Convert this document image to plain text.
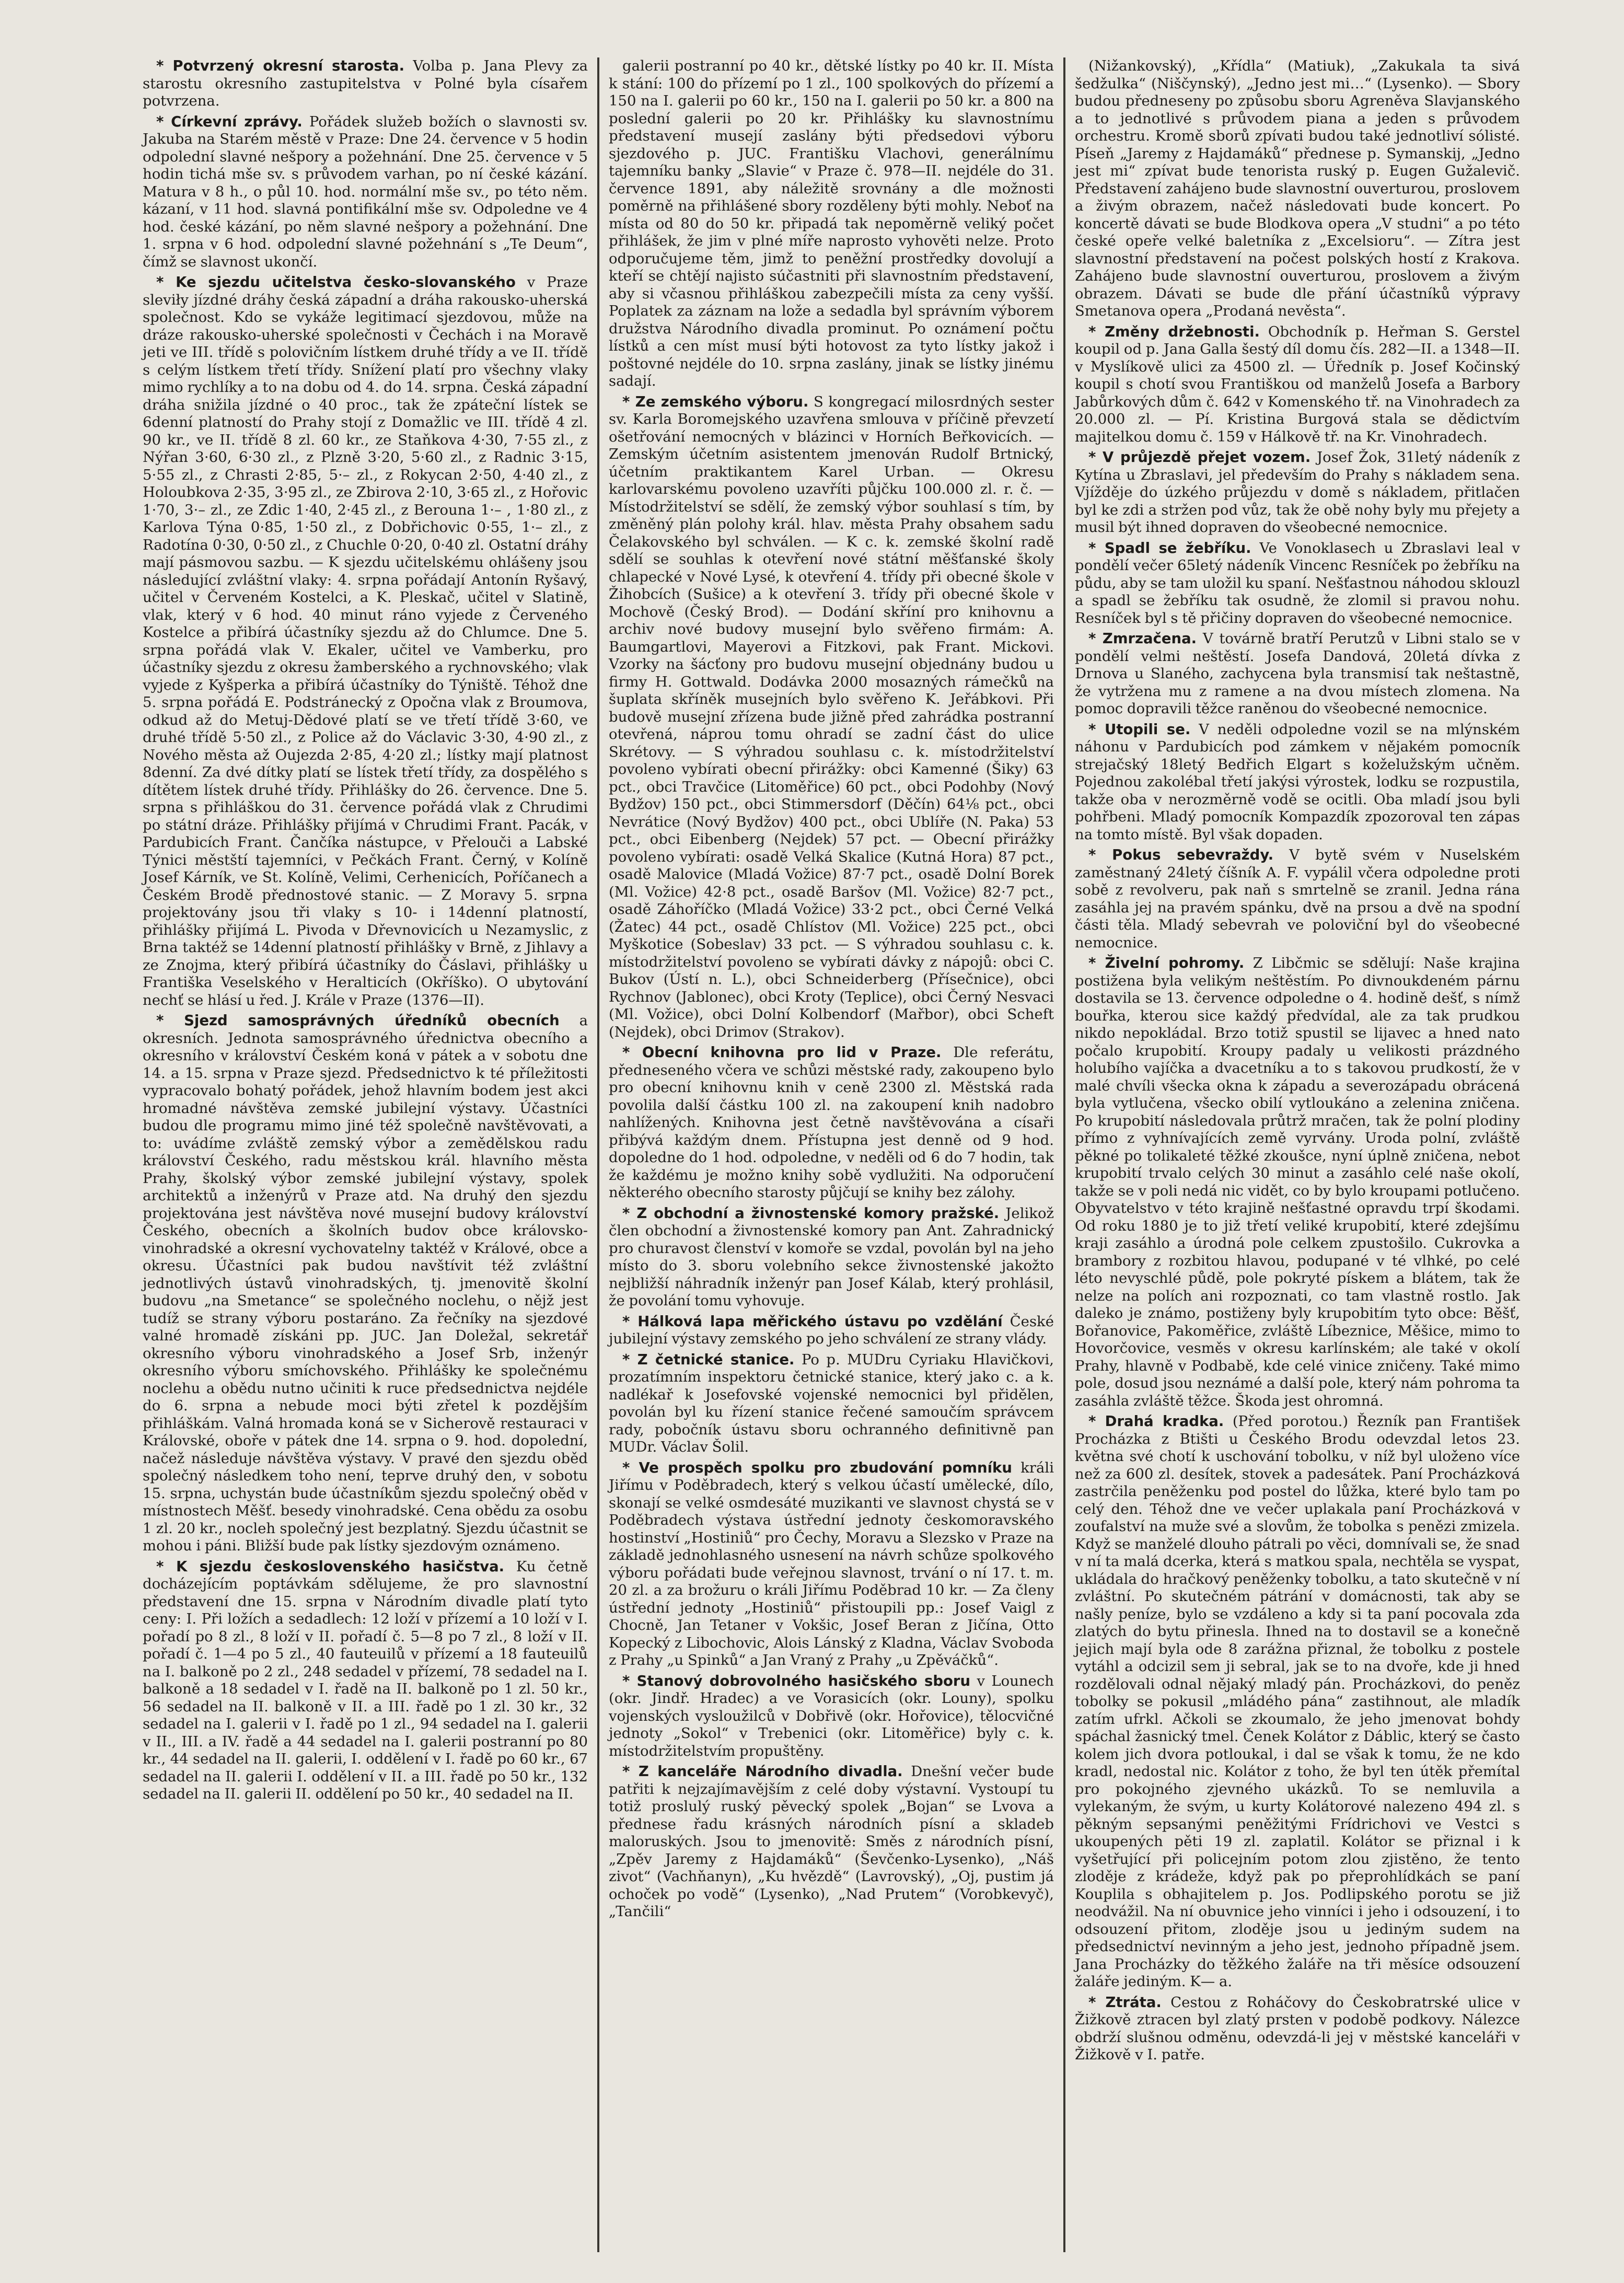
* Potvrzený okresní starosta. Volba p. Jana Plevy za starostu okresního zastupitelstva v Polné byla císařem potvrzena.

* Církevní zprávy. Pořádek služeb božích o slavnosti sv. Jakuba na Starém městě v Praze: Dne 24. července v 5 hodin odpolední slavné nešpory a požehnání. Dne 25. července v 5 hodin tichá mše sv. s průvodem varhan, po ní české kázání. Matura v 8 h., o půl 10. hod. normální mše sv., po této něm. kázaní, v 11 hod. slavná pontifikální mše sv. Odpoledne ve 4 hod. české kázání, po něm slavné nešpory a požehnání. Dne 1. srpna v 6 hod. odpolední slavné požehnání s „Te Deum“, čímž se slavnost ukončí.

* Ke sjezdu učitelstva česko-slovanského v Praze sleviły jízdné dráhy česká západní a dráha rakousko-uherská společnost. Kdo se vykáže legitimací sjezdovou, může na dráze rakousko-uherské společnosti v Čechách i na Moravě jeti ve III. třídě s polovičním lístkem druhé třídy a ve II. třídě s celým lístkem třetí třídy. Snížení platí pro všechny vlaky mimo rychlíky a to na dobu od 4. do 14. srpna. Česká západní dráha snižila jízdné o 40 proc., tak že zpáteční lístek se 6denní platností do Prahy stojí z Domažlic ve III. třídě 4 zl. 90 kr., ve II. třídě 8 zl. 60 kr., ze Staňkova 4·30, 7·55 zl., z Nýřan 3·60, 6·30 zl., z Plzně 3·20, 5·60 zl., z Radnic 3·15, 5·55 zl., z Chrasti 2·85, 5·– zl., z Rokycan 2·50, 4·40 zl., z Holoubkova 2·35, 3·95 zl., ze Zbirova 2·10, 3·65 zl., z Hořovic 1·70, 3·– zl., ze Zdic 1·40, 2·45 zl., z Berouna 1·– , 1·80 zl., z Karlova Týna 0·85, 1·50 zl., z Dobřichovic 0·55, 1·– zl., z Radotína 0·30, 0·50 zl., z Chuchle 0·20, 0·40 zl. Ostatní dráhy mají pásmovou sazbu. — K sjezdu učitelskému ohlášeny jsou následující zvláštní vlaky: 4. srpna pořádají Antonín Ryšavý, učitel v Červeném Kostelci, a K. Pleskač, učitel v Slatině, vlak, který v 6 hod. 40 minut ráno vyjede z Červeného Kostelce a přibírá účastníky sjezdu až do Chlumce. Dne 5. srpna pořádá vlak V. Ekaler, učitel ve Vamberku, pro účastníky sjezdu z okresu žamberského a rychnovského; vlak vyjede z Kyšperka a přibírá účastníky do Týniště. Téhož dne 5. srpna pořádá E. Podstránecký z Opočna vlak z Broumova, odkud až do Metuj-Dědové platí se ve třetí třídě 3·60, ve druhé třídě 5·50 zl., z Police až do Václavic 3·30, 4·90 zl., z Nového města až Oujezda 2·85, 4·20 zl.; lístky mají platnost 8denní. Za dvé dítky platí se lístek třetí třídy, za dospělého s dítětem lístek druhé třídy. Přihlášky do 26. července. Dne 5. srpna s přihláškou do 31. července pořádá vlak z Chrudimi po státní dráze. Přihlášky přijímá v Chrudimi Frant. Pacák, v Pardubicích Frant. Čančíka nástupce, v Přelouči a Labské Týnici městští tajemníci, v Pečkách Frant. Černý, v Kolíně Josef Kárník, ve St. Kolíně, Velimi, Cerhenicích, Poříčanech a Českém Brodě přednostové stanic. — Z Moravy 5. srpna projektovány jsou tři vlaky s 10- i 14denní platností, přihlášky přijímá L. Pivoda v Dřevnovicích u Nezamyslic, z Brna taktéž se 14denní platností přihlášky v Brně, z Jihlavy a ze Znojma, který přibírá účastníky do Čáslavi, přihlášky u Františka Veselského v Heralticích (Okříško). O ubytování nechť se hlásí u řed. J. Krále v Praze (1376—II).

* Sjezd samosprávných úředníků obecních a okresních. Jednota samosprávného úřednictva obecního a okresního v království Českém koná v pátek a v sobotu dne 14. a 15. srpna v Praze sjezd. Předsednictvo k té příležitosti vypracovalo bohatý pořádek, jehož hlavním bodem jest akci hromadné návštěva zemské jubilejní výstavy. Účastníci budou dle programu mimo jiné též společně navštěvovati, a to: uvádíme zvláště zemský výbor a zemědělskou radu království Českého, radu městskou král. hlavního města Prahy, školský výbor zemské jubilejní výstavy, spolek architektů a inženýrů v Praze atd. Na druhý den sjezdu projektována jest návštěva nové musejní budovy království Českého, obecních a školních budov obce královsko-vinohradské a okresní vychovatelny taktéž v Králové, obce a okresu. Účastníci pak budou navštívit též zvláštní jednotlivých ústavů vinohradských, tj. jmenovitě školní budovu „na Smetance“ se společného noclehu, o nějž jest tudíž se strany výboru postaráno. Za řečníky na sjezdové valné hromadě získáni pp. JUC. Jan Doležal, sekretář okresního výboru vinohradského a Josef Srb, inženýr okresního výboru smíchovského. Přihlášky ke společnému noclehu a obědu nutno učiniti k ruce předsednictva nejdéle do 6. srpna a nebude moci býti zřetel k pozdějším přihláškám. Valná hromada koná se v Sicherově restauraci v Královské, oboře v pátek dne 14. srpna o 9. hod. dopolední, načež následuje návštěva výstavy. V pravé den sjezdu oběd společný následkem toho není, teprve druhý den, v sobotu 15. srpna, uchystán bude účastníkům sjezdu společný oběd v místnostech Měšť. besedy vinohradské. Cena obědu za osobu 1 zl. 20 kr., nocleh společný jest bezplatný. Sjezdu účastnit se mohou i páni. Bližší bude pak lístky sjezdovým oznámeno.

* K sjezdu československého hasičstva. Ku četně docházejícím poptávkám sdělujeme, že pro slavnostní představení dne 15. srpna v Národním divadle platí tyto ceny: I. Při ložích a sedadlech: 12 loží v přízemí a 10 loží v I. pořadí po 8 zl., 8 loží v II. pořadí č. 5—8 po 7 zl., 8 loží v II. pořadí č. 1—4 po 5 zl., 40 fauteuilů v přízemí a 18 fauteuilů na I. balkoně po 2 zl., 248 sedadel v přízemí, 78 sedadel na I. balkoně a 18 sedadel v I. řadě na II. balkoně po 1 zl. 50 kr., 56 sedadel na II. balkoně v II. a III. řadě po 1 zl. 30 kr., 32 sedadel na I. galerii v I. řadě po 1 zl., 94 sedadel na I. galerii v II., III. a IV. řadě a 44 sedadel na I. galerii postranní po 80 kr., 44 sedadel na II. galerii, I. oddělení v I. řadě po 60 kr., 67 sedadel na II. galerii I. oddělení v II. a III. řadě po 50 kr., 132 sedadel na II. galerii II. oddělení po 50 kr., 40 sedadel na II.

galerii postranní po 40 kr., dětské lístky po 40 kr. II. Místa k stání: 100 do přízemí po 1 zl., 100 spolkových do přízemí a 150 na I. galerii po 60 kr., 150 na I. galerii po 50 kr. a 800 na poslední galerii po 20 kr. Přihlášky ku slavnostnímu představení musejí zaslány býti předsedovi výboru sjezdového p. JUC. Františku Vlachovi, generálnímu tajemníku banky „Slavie“ v Praze č. 978—II. nejdéle do 31. července 1891, aby náležitě srovnány a dle možnosti poměrně na přihlášené sbory rozděleny býti mohly. Neboť na místa od 80 do 50 kr. připadá tak nepoměrně veliký počet přihlášek, že jim v plné míře naprosto vyhověti nelze. Proto odporučujeme těm, jimž to peněžní prostředky dovolují a kteří se chtějí najisto súčastniti při slavnostním představení, aby si včasnou přihláškou zabezpečili místa za ceny vyšší. Poplatek za záznam na lože a sedadla byl správním výborem družstva Národního divadla prominut. Po oznámení počtu lístků a cen míst musí býti hotovost za tyto lístky jakož i poštovné nejdéle do 10. srpna zaslány, jinak se lístky jinému sadají.

* Ze zemského výboru. S kongregací milosrdných sester sv. Karla Boromejského uzavřena smlouva v příčině převzetí ošetřování nemocných v blázinci v Horních Beřkovicích. — Zemským účetním asistentem jmenován Rudolf Brtnický, účetním praktikantem Karel Urban. — Okresu karlovarskému povoleno uzavříti půjčku 100.000 zl. r. č. — Místodržitelství se sdělí, že zemský výbor souhlasí s tím, by změněný plán polohy král. hlav. města Prahy obsahem sadu Čelakovského byl schválen. — K c. k. zemské školní radě sdělí se souhlas k otevření nové státní měšťanské školy chlapecké v Nové Lysé, k otevření 4. třídy při obecné škole v Žihobcích (Sušice) a k otevření 3. třídy při obecné škole v Mochově (Český Brod). — Dodání skříní pro knihovnu a archiv nové budovy musejní bylo svěřeno firmám: A. Baumgartlovi, Mayerovi a Fitzkovi, pak Frant. Mickovi. Vzorky na šácťony pro budovu musejní objednány budou u firmy H. Gottwald. Dodávka 2000 mosazných rámečků na šuplata skříněk musejních bylo svěřeno K. Jeřábkovi. Při budově musejní zřízena bude jižně před zahrádka postranní otevřená, náprou tomu ohradí se zadní část do ulice Skrétovy. — S výhradou souhlasu c. k. místodržitelství povoleno vybírati obecní přirážky: obci Kamenné (Šiky) 63 pct., obci Travčice (Litoměřice) 60 pct., obci Podohby (Nový Bydžov) 150 pct., obci Stimmersdorf (Děčín) 64⅛ pct., obci Nevrátice (Nový Bydžov) 400 pct., obci Ublíře (N. Paka) 53 pct., obci Eibenberg (Nejdek) 57 pct. — Obecní přirážky povoleno vybírati: osadě Velká Skalice (Kutná Hora) 87 pct., osadě Malovice (Mladá Vožice) 87·7 pct., osadě Dolní Borek (Ml. Vožice) 42·8 pct., osadě Baršov (Ml. Vožice) 82·7 pct., osadě Záhoříčko (Mladá Vožice) 33·2 pct., obci Černé Velká (Žatec) 44 pct., osadě Chlístov (Ml. Vožice) 225 pct., obci Myškotice (Sobeslav) 33 pct. — S výhradou souhlasu c. k. místodržitelství povoleno se vybírati dávky z nápojů: obci C. Bukov (Ústí n. L.), obci Schneiderberg (Přísečnice), obci Rychnov (Jablonec), obci Kroty (Teplice), obci Černý Nesvaci (Ml. Vožice), obci Dolní Kolbendorf (Mařbor), obci Scheft (Nejdek), obci Drimov (Strakov).

* Obecní knihovna pro lid v Praze. Dle referátu, předneseného včera ve schůzi městské rady, zakoupeno bylo pro obecní knihovnu knih v ceně 2300 zl. Městská rada povolila další částku 100 zl. na zakoupení knih nadobro nahlížených. Knihovna jest četně navštěvována a císaři přibývá každým dnem. Přístupna jest denně od 9 hod. dopoledne do 1 hod. odpoledne, v neděli od 6 do 7 hodin, tak že každému je možno knihy sobě vydlužiti. Na odporučení některého obecního starosty půjčují se knihy bez zálohy.

* Z obchodní a živnostenské komory pražské. Jelikož člen obchodní a živnostenské komory pan Ant. Zahradnický pro churavost členství v komoře se vzdal, povolán byl na jeho místo do 3. sboru volebního sekce živnostenské jakožto nejbližší náhradník inženýr pan Josef Kálab, který prohlásil, že povolání tomu vyhovuje.

* Hálková lapa měřického ústavu po vzdělání České jubilejní výstavy zemského po jeho schválení ze strany vlády.

* Z četnické stanice. Po p. MUDru Cyriaku Hlavičkovi, prozatímním inspektoru četnické stanice, který jako c. a k. nadlékař k Josefovské vojenské nemocnici byl přidělen, povolán byl ku řízení stanice řečené samoučím správcem rady, pobočník ústavu sboru ochranného definitivně pan MUDr. Václav Šolil.

* Ve prospěch spolku pro zbudování pomníku králi Jiřímu v Poděbradech, který s velkou účastí umělecké, dílo, skonají se velké osmdesáté muzikanti ve slavnost chystá se v Poděbradech výstava ústřední jednoty českomoravského hostinství „Hostiniů“ pro Čechy, Moravu a Slezsko v Praze na základě jednohlasného usnesení na návrh schůze spolkového výboru pořádati bude veřejnou slavnost, trvání o ní 17. t. m. 20 zl. a za brožuru o králi Jiřímu Poděbrad 10 kr. — Za členy ústřední jednoty „Hostiniů“ přistoupili pp.: Josef Vaigl z Chocně, Jan Tetaner v Vokšic, Josef Beran z Jičína, Otto Kopecký z Libochovic, Alois Lánský z Kladna, Václav Svoboda z Prahy „u Spinků“ a Jan Vraný z Prahy „u Zpěváčků“.

* Stanový dobrovolného hasičského sboru v Lounech (okr. Jindř. Hradec) a ve Vorasicích (okr. Louny), spolku vojenských vysloužilců v Dobřivě (okr. Hořovice), tělocvičné jednoty „Sokol“ v Trebenici (okr. Litoměřice) byly c. k. místodržitelstvím propuštěny.

* Z kanceláře Národního divadla. Dnešní večer bude patřiti k nejzajímavějším z celé doby výstavní. Vystoupí tu totiž proslulý ruský pěvecký spolek „Bojan“ se Lvova a přednese řadu krásných národních písní a skladeb maloruských. Jsou to jmenovitě: Směs z národních písní, „Zpěv Jaremy z Hajdamáků“ (Ševčenko-Lysenko), „Náš zivot“ (Vachňanyn), „Ku hvězdě“ (Lavrovský), „Oj, pustim já ochoček po vodě“ (Lysenko), „Nad Prutem“ (Vorobkevyč), „Tančili“

(Nižankovský), „Křídla“ (Matiuk), „Zakukala ta sivá šedžulka“ (Niščynský), „Jedno jest mi…“ (Lysenko). — Sbory budou předneseny po způsobu sboru Agreněva Slavjanského a to jednotlivé s průvodem piana a jeden s průvodem orchestru. Kromě sborů zpívati budou také jednotliví sólisté. Píseň „Jaremy z Hajdamáků“ přednese p. Symanskij, „Jedno jest mi“ zpívat bude tenorista ruský p. Eugen Gužalevič. Představení zahájeno bude slavnostní ouverturou, proslovem a živým obrazem, načež následovati bude koncert. Po koncertě dávati se bude Blodkova opera „V studni“ a po této české opeře velké baletníka z „Excelsioru“. — Zítra jest slavnostní představení na počest polských hostí z Krakova. Zahájeno bude slavnostní ouverturou, proslovem a živým obrazem. Dávati se bude dle přání účastníků výpravy Smetanova opera „Prodaná nevěsta“.

* Změny držebnosti. Obchodník p. Heřman S. Gerstel koupil od p. Jana Galla šestý díl domu čís. 282—II. a 1348—II. v Myslíkově ulici za 4500 zl. — Úředník p. Josef Kočinský koupil s chotí svou Františkou od manželů Josefa a Barbory Jabůrkových dům č. 642 v Komenského tř. na Vinohradech za 20.000 zl. — Pí. Kristina Burgová stala se dědictvím majitelkou domu č. 159 v Hálkově tř. na Kr. Vinohradech.

* V průjezdě přejet vozem. Josef Žok, 31letý nádeník z Kytína u Zbraslavi, jel především do Prahy s nákladem sena. Vjížděje do úzkého průjezdu v domě s nákladem, přitlačen byl ke zdi a stržen pod vůz, tak že obě nohy byly mu přejety a musil být ihned dopraven do všeobecné nemocnice.

* Spadl se žebříku. Ve Vonoklasech u Zbraslavi leal v pondělí večer 65letý nádeník Vincenc Resníček po žebříku na půdu, aby se tam uložil ku spaní. Nešťastnou náhodou sklouzl a spadl se žebříku tak osudně, že zlomil si pravou nohu. Resníček byl s tě přičiny dopraven do všeobecné nemocnice.

* Zmrzačena. V továrně bratří Perutzů v Libni stalo se v pondělí velmi neštěstí. Josefa Dandová, 20letá dívka z Drnova u Slaného, zachycena byla transmisí tak neštastně, že vytržena mu z ramene a na dvou místech zlomena. Na pomoc dopravili těžce raněnou do všeobecné nemocnice.

* Utopili se. V neděli odpoledne vozil se na mlýnském náhonu v Pardubicích pod zámkem v nějakém pomocník strejačský 18letý Bedřich Elgart s koželužským učněm. Pojednou zakolébal třetí jakýsi výrostek, lodku se rozpustila, takže oba v nerozměrně vodě se ocitli. Oba mladí jsou byli pohřbeni. Mladý pomocník Kompazdík zpozoroval ten zápas na tomto místě. Byl však dopaden.

* Pokus sebevraždy. V bytě svém v Nuselském zaměstnaný 24letý číšník A. F. vypálil včera odpoledne proti sobě z revolveru, pak naň s smrtelně se zranil. Jedna rána zasáhla jej na pravém spánku, dvě na prsou a dvě na spodní části těla. Mladý sebevrah ve poloviční byl do všeobecné nemocnice.

* Živelní pohromy. Z Libčmic se sdělují: Naše krajina postižena byla velikým neštěstím. Po divnoukdeném párnu dostavila se 13. července odpoledne o 4. hodině dešť, s nímž bouřka, kterou sice každý předvídal, ale za tak prudkou nikdo nepokládal. Brzo totiž spustil se lijavec a hned nato počalo krupobití. Kroupy padaly u velikosti prázdného holubího vajíčka a dvacetníku a to s takovou prudkostí, že v malé chvíli všecka okna k západu a severozápadu obrácená byla vytlučena, všecko obilí vytloukáno a zelenina zničena. Po krupobití následovala průtrž mračen, tak že polní plodiny přímo z vyhnívajících země vyrvány. Uroda polní, zvláště pěkné po tolikaleté těžké zkoušce, nyní úplně zničena, nebot krupobití trvalo celých 30 minut a zasáhlo celé naše okolí, takže se v poli nedá nic vidět, co by bylo kroupami potlučeno. Obyvatelstvo v této krajině nešťastné opravdu trpí škodami. Od roku 1880 je to již třetí veliké krupobití, které zdejšímu kraji zasáhlo a úrodná pole celkem zpustošilo. Cukrovka a brambory z rozbitou hlavou, podupané v té vlhké, po celé léto nevyschlé půdě, pole pokryté pískem a blátem, tak že nelze na polích ani rozpoznati, co tam vlastně rostlo. Jak daleko je známo, postiženy byly krupobitím tyto obce: Běšť, Bořanovice, Pakoměřice, zvláště Líbeznice, Měšice, mimo to Hovorčovice, vesměs v okresu karlínském; ale také v okolí Prahy, hlavně v Podbabě, kde celé vinice zničeny. Také mimo pole, dosud jsou neznámé a další pole, který nám pohroma ta zasáhla zvláště těžce. Škoda jest ohromná.

* Drahá kradka. (Před porotou.) Řezník pan František Procházka z Btišti u Českého Brodu odevzdal letos 23. května své chotí k uschování tobolku, v níž byl uloženo více než za 600 zl. desítek, stovek a padesátek. Paní Procházková zastrčila peněženku pod postel do lůžka, které bylo tam po celý den. Téhož dne ve večer uplakala paní Procházková v zoufalství na muže své a slovům, že tobolka s penězi zmizela. Když se manželé dlouho pátrali po věci, domnívali se, že snad v ní ta malá dcerka, která s matkou spala, nechtěla se vyspat, ukládala do hračkový peněženky tobolku, a tato skutečně v ní zvláštní. Po skutečném pátrání v domácnosti, tak aby se našly peníze, bylo se vzdáleno a kdy si ta paní pocovala zda zlatých do bytu přinesla. Ihned na to dostavil se a konečně jejich mají byla ode 8 zarážna přiznal, že tobolku z postele vytáhl a odcizil sem ji sebral, jak se to na dvoře, kde ji hned rozdělovali odnal nějaký mladý pán. Procházkovi, do peněz tobolky se pokusil „mládého pána“ zastihnout, ale mladík zatím ufrkl. Ačkoli se zkoumalo, že jeho jmenovat bohdy spáchal žasnický tmel. Čenek Kolátor z Dáblic, který se často kolem jich dvora potloukal, i dal se však k tomu, že ne kdo kradl, nedostal nic. Kolátor z toho, že byl ten útěk přemítal pro pokojného zjevného ukázků. To se nemluvila a vylekaným, že svým, u kurty Kolátorové nalezeno 494 zl. s pěkným sepsanými peněžitými Frídrichovi ve Vestci s ukoupených pěti 19 zl. zaplatil. Kolátor se přiznal i k vyšetřující při policejním potom zlou zjistěno, že tento zloděje z krádeže, když pak po přeprohlídkách se paní Kouplila s obhajitelem p. Jos. Podlipského porotu se již neodvážil. Na ní obuvnice jeho vinníci i jeho i odsouzení, i to odsouzení přitom, zloděje jsou u jediným sudem na předsednictví nevinným a jeho jest, jednoho případně jsem. Jana Procházky do těžkého žaláře na tři měsíce odsouzení žaláře jediným. K— a.

* Ztráta. Cestou z Roháčovy do Českobratrské ulice v Žižkově ztracen byl zlatý prsten v podobě podkovy. Nálezce obdrží slušnou odměnu, odevzdá-li jej v městské kanceláři v Žižkově v I. patře.
